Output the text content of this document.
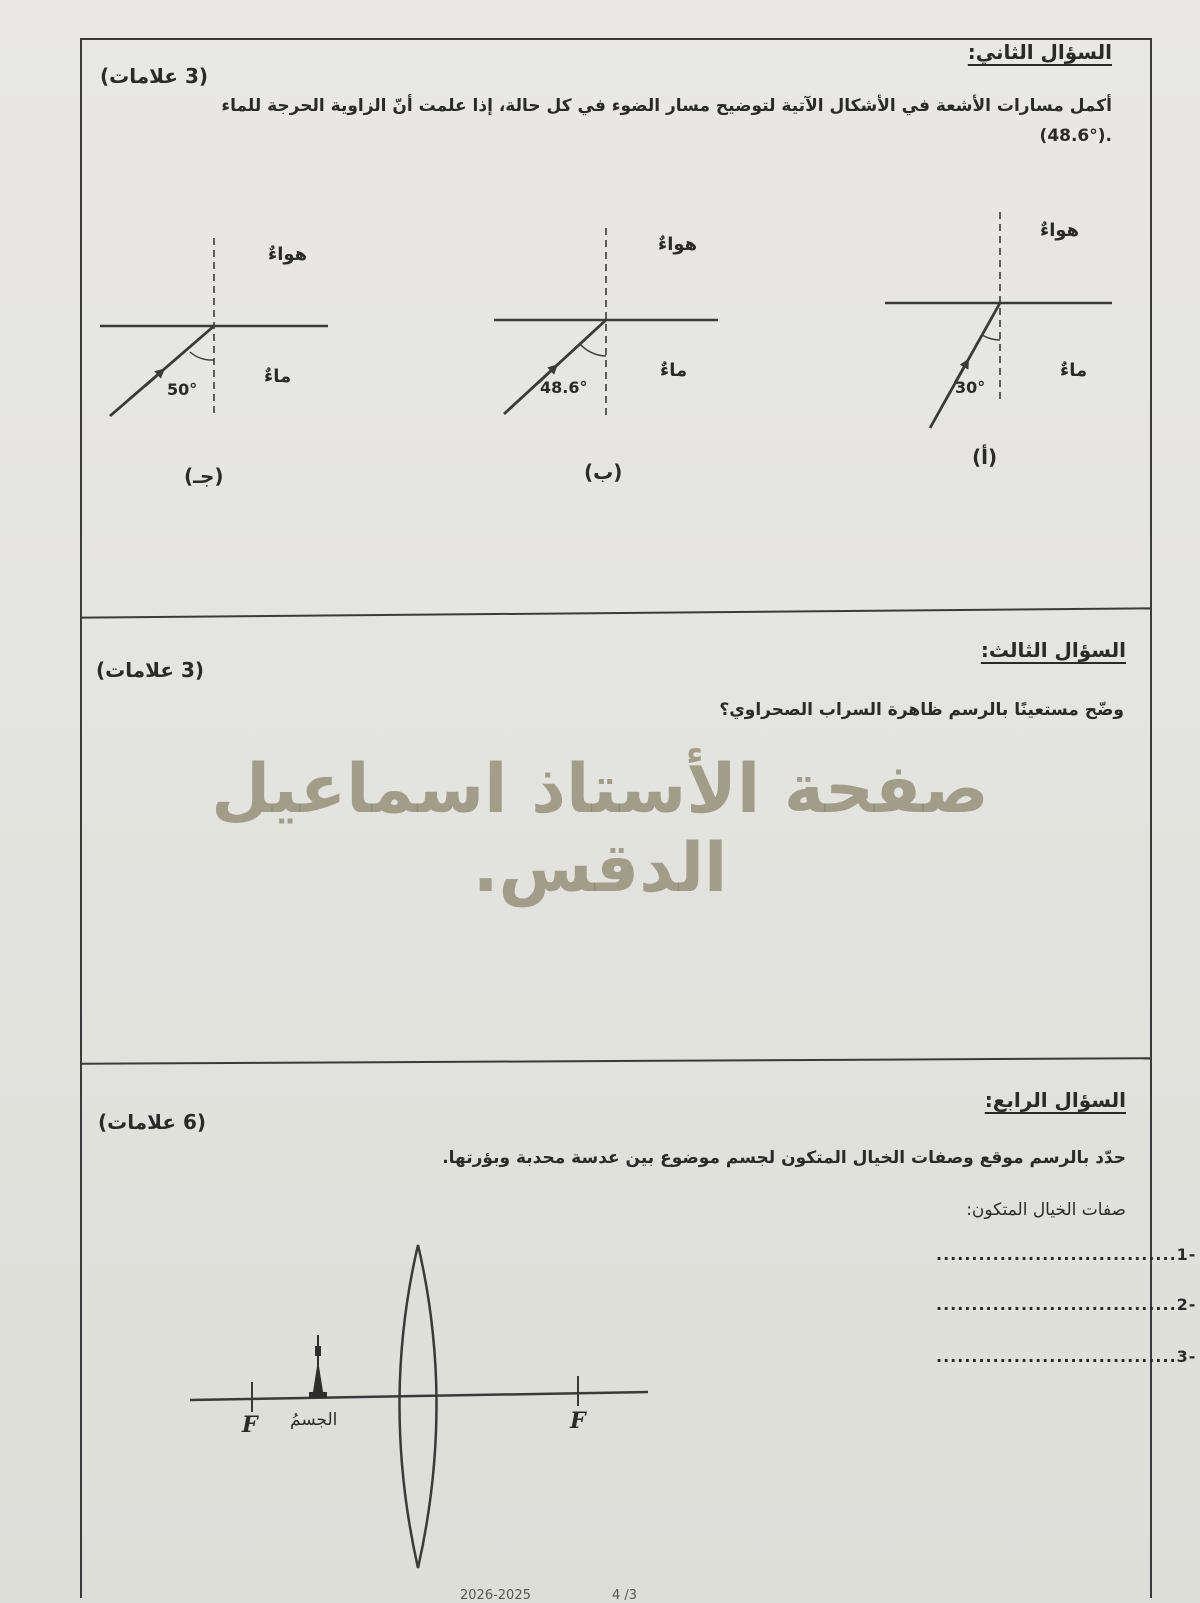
السؤال الثاني:
(3 علامات)
أكمل مسارات الأشعة في الأشكال الآتية لتوضيح مسار الضوء في كل حالة، إذا علمت أنّ الزاوية الحرجة للماء
.(48.6°)
هواءٌ
ماءٌ
30°
(أ)
هواءٌ
ماءٌ
48.6°
(ب)
هواءٌ
ماءٌ
50°
(جـ)
السؤال الثالث:
(3 علامات)
وضّح مستعينًا بالرسم ظاهرة السراب الصحراوي؟
صفحة الأستاذ اسماعيل الدقس.
السؤال الرابع:
(6 علامات)
حدّد بالرسم موقع وصفات الخيال المتكون لجسم موضوع بين عدسة محدبة وبؤرتها.
صفات الخيال المتكون:
..................................1-
..................................2-
..................................3-
F	F
الجسمُ
2026-2025	4 /3
